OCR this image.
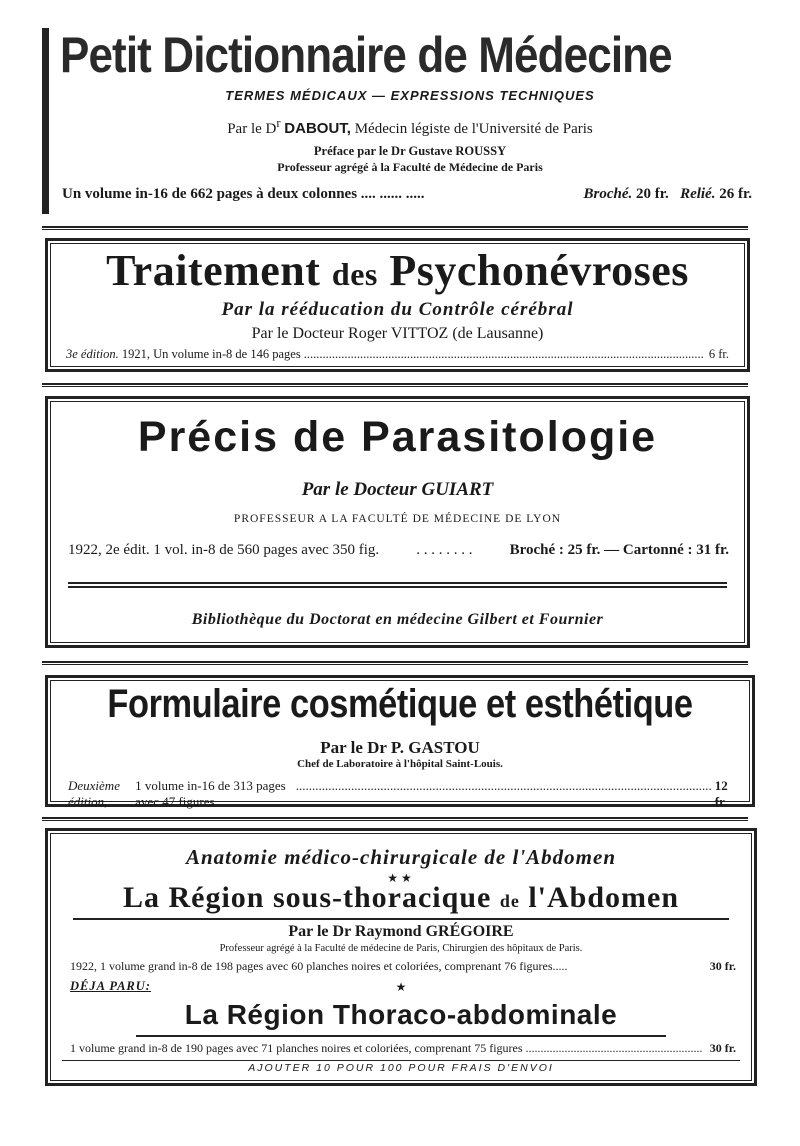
Petit Dictionnaire de Médecine
TERMES MÉDICAUX — EXPRESSIONS TECHNIQUES
Par le $D^r$ DABOUT, Médecin légiste de l'Université de Paris
Préface par le Dr Gustave ROUSSY
Professeur agrégé à la Faculté de Médecine de Paris
Un volume in-16 de 662 pages à deux colonnes .... ...... .....	Broché. 20 fr. Relié. 26 fr.
Traitement des Psychonévroses
Par la rééducation du Contrôle cérébral
Par le Docteur Roger VITTOZ (de Lausanne)
3e édition.
1921, Un volume in-8 de 146 pages ................................................................................................................................ 6 fr.
Précis de Parasitologie
Par le Docteur GUIART
PROFESSEUR A LA FACULTÉ DE MÉDECINE DE LYON
1922, 2e édit. 1 vol. in-8 de 560 pages avec 350 fig.	. . . . . . . .	Broché : 25 fr. — Cartonné : 31 fr.
Bibliothèque du Doctorat en médecine Gilbert et Fournier
Formulaire cosmétique et esthétique
Par le Dr P. GASTOU
Chef de Laboratoire à l'hôpital Saint-Louis.
Deuxième édition,

1 volume in-16 de 313 pages avec 47 figures
................................................................................................................................ 12 fr.
Anatomie médico-chirurgicale de l'Abdomen
★★
La Région sous-thoracique de l'Abdomen
Par le Dr Raymond GRÉGOIRE
Professeur agrégé à la Faculté de médecine de Paris, Chirurgien des hôpitaux de Paris.
1922, 1 volume grand in-8 de 198 pages avec 60 planches noires et coloriées, comprenant 76 figures.....	30 fr.
DÉJA PARU:	★
La Région Thoraco-abdominale
1 volume grand in-8 de 190 pages avec 71 planches noires et coloriées, comprenant 75 figures ........................................................... 30 fr.
AJOUTER 10 POUR 100 POUR FRAIS D'ENVOI
